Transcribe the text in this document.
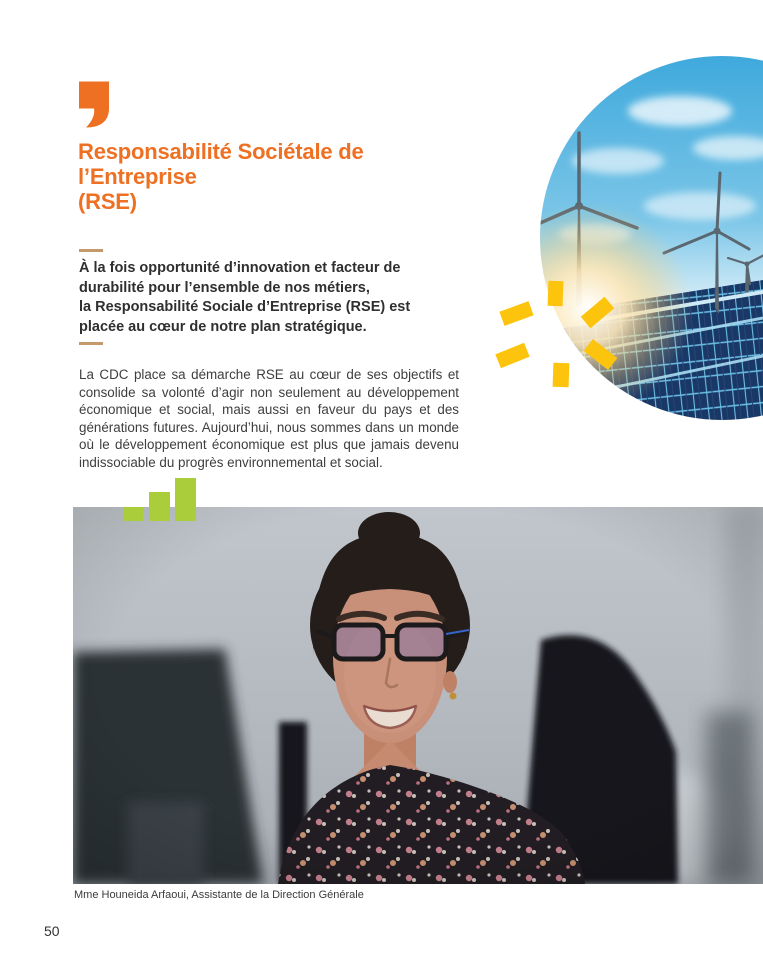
Responsabilité Sociétale de
l’Entreprise
(RSE)
À la fois opportunité d’innovation et facteur de
durabilité pour l’ensemble de nos métiers,
la Responsabilité Sociale d’Entreprise (RSE) est
placée au cœur de notre plan stratégique.
La CDC place sa démarche RSE au cœur de ses objectifs et consolide sa volonté d’agir non seulement au développement économique et social, mais aussi en faveur du pays et des générations futures. Aujourd’hui, nous sommes dans un monde où le développement économique est plus que jamais devenu indissociable du progrès environnemental et social.
Mme Houneida Arfaoui, Assistante de la Direction Générale
50
